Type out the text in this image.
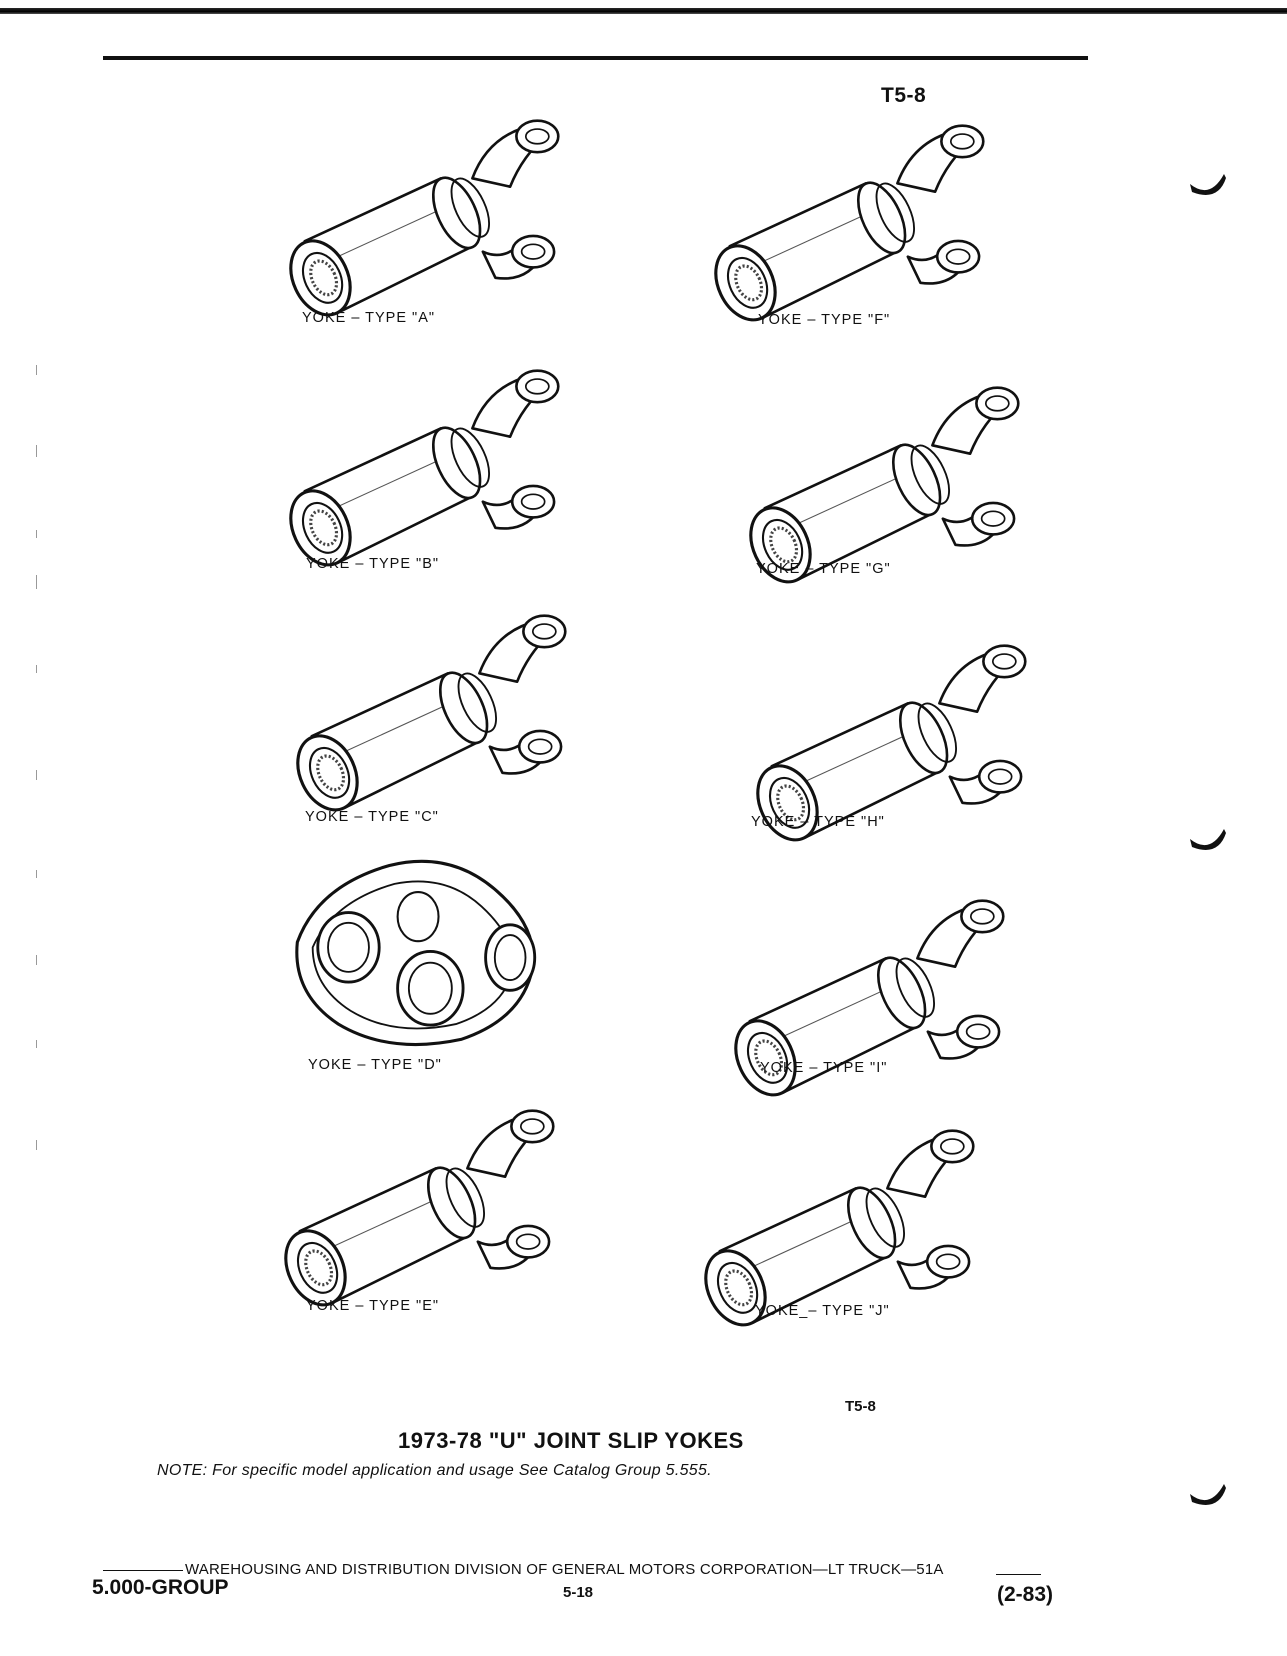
T5-8
YOKE – TYPE "A"
YOKE – TYPE "B"
YOKE – TYPE "C"
YOKE – TYPE "D"
YOKE – TYPE "E"
YOKE – TYPE "F"
YOKE – TYPE "G"
YOKE – TYPE "H"
YOKE – TYPE "I"
YOKE_– TYPE "J"
T5-8
1973-78 "U" JOINT SLIP YOKES
NOTE: For specific model application and usage See Catalog Group 5.555.
WAREHOUSING AND DISTRIBUTION DIVISION OF GENERAL MOTORS CORPORATION—LT TRUCK—51A
5.000-GROUP	5-18	(2-83)
